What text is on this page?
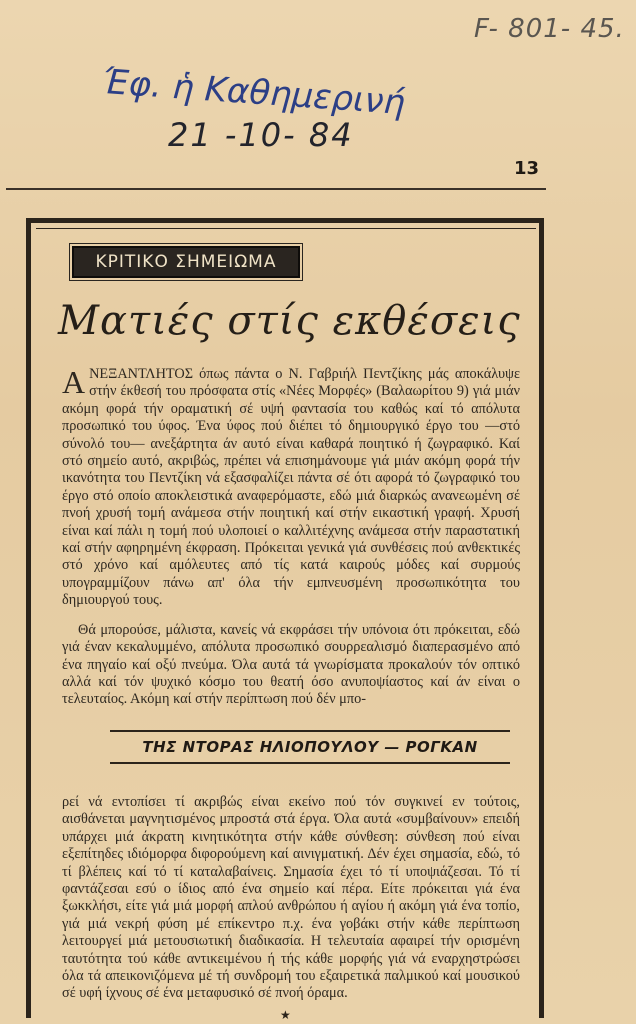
F- 801- 45.
Έφ. ἡ Καθημερινή
21 -10- 84
13
ΚΡΙΤΙΚΟ ΣΗΜΕΙΩΜΑ
Ματιές στίς εκθέσεις

ΑΝΕΞΑΝΤΛΗΤΟΣ όπως πάντα ο Ν. Γαβριήλ Πεντζίκης μάς αποκάλυψε στήν έκθεσή του πρόσφατα στίς «Νέες Μορφές» (Βαλαωρίτου 9) γιά μιάν ακόμη φορά τήν οραματική σέ υψή φαντασία του καθώς καί τό απόλυτα προσωπικό του ύφος. Ένα ύφος πού διέπει τό δημιουργικό έργο του —στό σύνολό του— ανεξάρτητα άν αυτό είναι καθαρά ποιητικό ή ζωγραφικό. Καί στό σημείο αυτό, ακριβώς, πρέπει νά επισημάνουμε γιά μιάν ακόμη φορά τήν ικανότητα του Πεντζίκη νά εξασφαλίζει πάντα σέ ότι αφορά τό ζωγραφικό του έργο στό οποίο αποκλειστικά αναφερόμαστε, εδώ μιά διαρκώς ανανεωμένη σέ πνοή χρυσή τομή ανάμεσα στήν ποιητική καί στήν εικαστική γραφή. Χρυσή είναι καί πάλι η τομή πού υλοποιεί ο καλλιτέχνης ανάμεσα στήν παραστατική καί στήν αφηρημένη έκφραση. Πρόκειται γενικά γιά συνθέσεις πού ανθεκτικές στό χρόνο καί αμόλευτες από τίς κατά καιρούς μόδες καί συρμούς υπογραμμίζουν πάνω απ' όλα τήν εμπνευσμένη προσωπικότητα του δημιουργού τους.

Θά μπορούσε, μάλιστα, κανείς νά εκφράσει τήν υπόνοια ότι πρόκειται, εδώ γιά έναν κεκαλυμμένο, απόλυτα προσωπικό σουρρεαλισμό διαπερασμένο από ένα πηγαίο καί οξύ πνεύμα. Όλα αυτά τά γνωρίσματα προκαλούν τόν οπτικό αλλά καί τόν ψυχικό κόσμο του θεατή όσο ανυποψίαστος καί άν είναι ο τελευταίος. Ακόμη καί στήν περίπτωση πού δέν μπο-

ΤΗΣ ΝΤΟΡΑΣ ΗΛΙΟΠΟΥΛΟΥ — ΡΟΓΚΑΝ

ρεί νά εντοπίσει τί ακριβώς είναι εκείνο πού τόν συγκινεί εν τούτοις, αισθάνεται μαγνητισμένος μπροστά στά έργα. Όλα αυτά «συμβαίνουν» επειδή υπάρχει μιά άκρατη κινητικότητα στήν κάθε σύνθεση: σύνθεση πού είναι εξεπίτηδες ιδιόμορφα διφορούμενη καί αινιγματική. Δέν έχει σημασία, εδώ, τό τί βλέπεις καί τό τί καταλαβαίνεις. Σημασία έχει τό τί υποψιάζεσαι. Τό τί φαντάζεσαι εσύ ο ίδιος από ένα σημείο καί πέρα. Είτε πρόκειται γιά ένα ξωκκλήσι, είτε γιά μιά μορφή απλού ανθρώπου ή αγίου ή ακόμη γιά ένα τοπίο, γιά μιά νεκρή φύση μέ επίκεντρο π.χ. ένα γοβάκι στήν κάθε περίπτωση λειτουργεί μιά μετουσιωτική διαδικασία. Η τελευταία αφαιρεί τήν ορισμένη ταυτότητα τού κάθε αντικειμένου ή τής κάθε μορφής γιά νά εναρχηστρώσει όλα τά απεικονιζόμενα μέ τή συνδρομή του εξαιρετικά παλμικού καί μουσικού σέ υφή ίχνους σέ ένα μεταφυσικό σέ πνοή όραμα.

★
